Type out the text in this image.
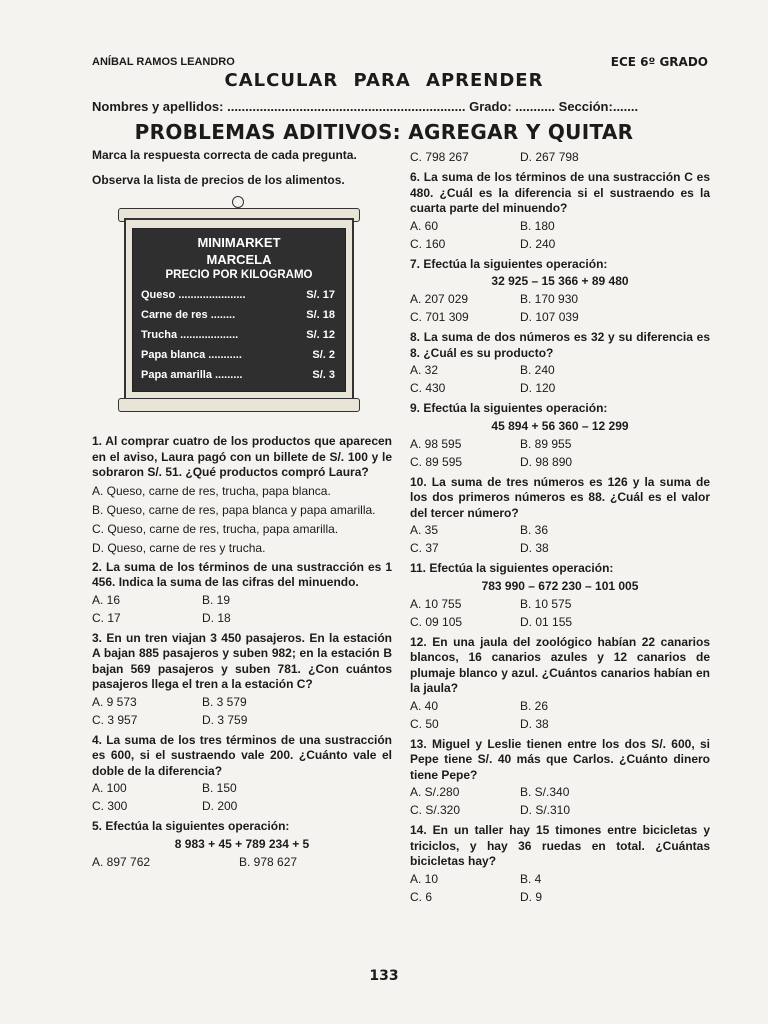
ANÍBAL RAMOS LEANDRO	ECE 6º GRADO
CALCULAR PARA APRENDER
Nombres y apellidos: .................................................................. Grado: ........... Sección:.......
PROBLEMAS ADITIVOS: AGREGAR Y QUITAR
Marca la respuesta correcta de cada pregunta.
Observa la lista de precios de los alimentos.
MINIMARKET
MARCELA
PRECIO POR KILOGRAMO
Queso ......................	S/. 17
Carne de res ........	S/. 18
Trucha ...................	S/. 12
Papa blanca ...........	S/. 2
Papa amarilla .........	S/. 3
1. Al comprar cuatro de los productos que aparecen en el aviso, Laura pagó con un billete de S/. 100 y le sobraron S/. 51. ¿Qué productos compró Laura?
A. Queso, carne de res, trucha, papa blanca.
B. Queso, carne de res, papa blanca y papa amarilla.
C. Queso, carne de res, trucha, papa amarilla.
D. Queso, carne de res y trucha.
2. La suma de los términos de una sustracción es 1 456. Indica la suma de las cifras del minuendo.
A. 16	B. 19
C. 17	D. 18
3. En un tren viajan 3 450 pasajeros. En la estación A bajan 885 pasajeros y suben 982; en la estación B bajan 569 pasajeros y suben 781. ¿Con cuántos pasajeros llega el tren a la estación C?
A. 9 573	B. 3 579
C. 3 957	D. 3 759
4. La suma de los tres términos de una sustracción es 600, si el sustraendo vale 200. ¿Cuánto vale el doble de la diferencia?
A. 100	B. 150
C. 300	D. 200
5. Efectúa la siguientes operación:
8 983 + 45 + 789 234 + 5
A. 897 762	B. 978 627
C. 798 267	D. 267 798
6. La suma de los términos de una sustracción C es 480. ¿Cuál es la diferencia si el sustraendo es la cuarta parte del minuendo?
A. 60	B. 180
C. 160	D. 240
7. Efectúa la siguientes operación:
32 925 – 15 366 + 89 480
A. 207 029	B. 170 930
C. 701 309	D. 107 039
8. La suma de dos números es 32 y su diferencia es 8. ¿Cuál es su producto?
A. 32	B. 240
C. 430	D. 120
9. Efectúa la siguientes operación:
45 894 + 56 360 – 12 299
A. 98 595	B. 89 955
C. 89 595	D. 98 890
10. La suma de tres números es 126 y la suma de los dos primeros números es 88. ¿Cuál es el valor del tercer número?
A. 35	B. 36
C. 37	D. 38
11. Efectúa la siguientes operación:
783 990 – 672 230 – 101 005
A. 10 755	B. 10 575
C. 09 105	D. 01 155
12. En una jaula del zoológico habían 22 canarios blancos, 16 canarios azules y 12 canarios de plumaje blanco y azul. ¿Cuántos canarios habían en la jaula?
A. 40	B. 26
C. 50	D. 38
13. Miguel y Leslie tienen entre los dos S/. 600, si Pepe tiene S/. 40 más que Carlos. ¿Cuánto dinero tiene Pepe?
A. S/.280	B. S/.340
C. S/.320	D. S/.310
14. En un taller hay 15 timones entre bicicletas y triciclos, y hay 36 ruedas en total. ¿Cuántas bicicletas hay?
A. 10	B. 4
C. 6	D. 9
133
